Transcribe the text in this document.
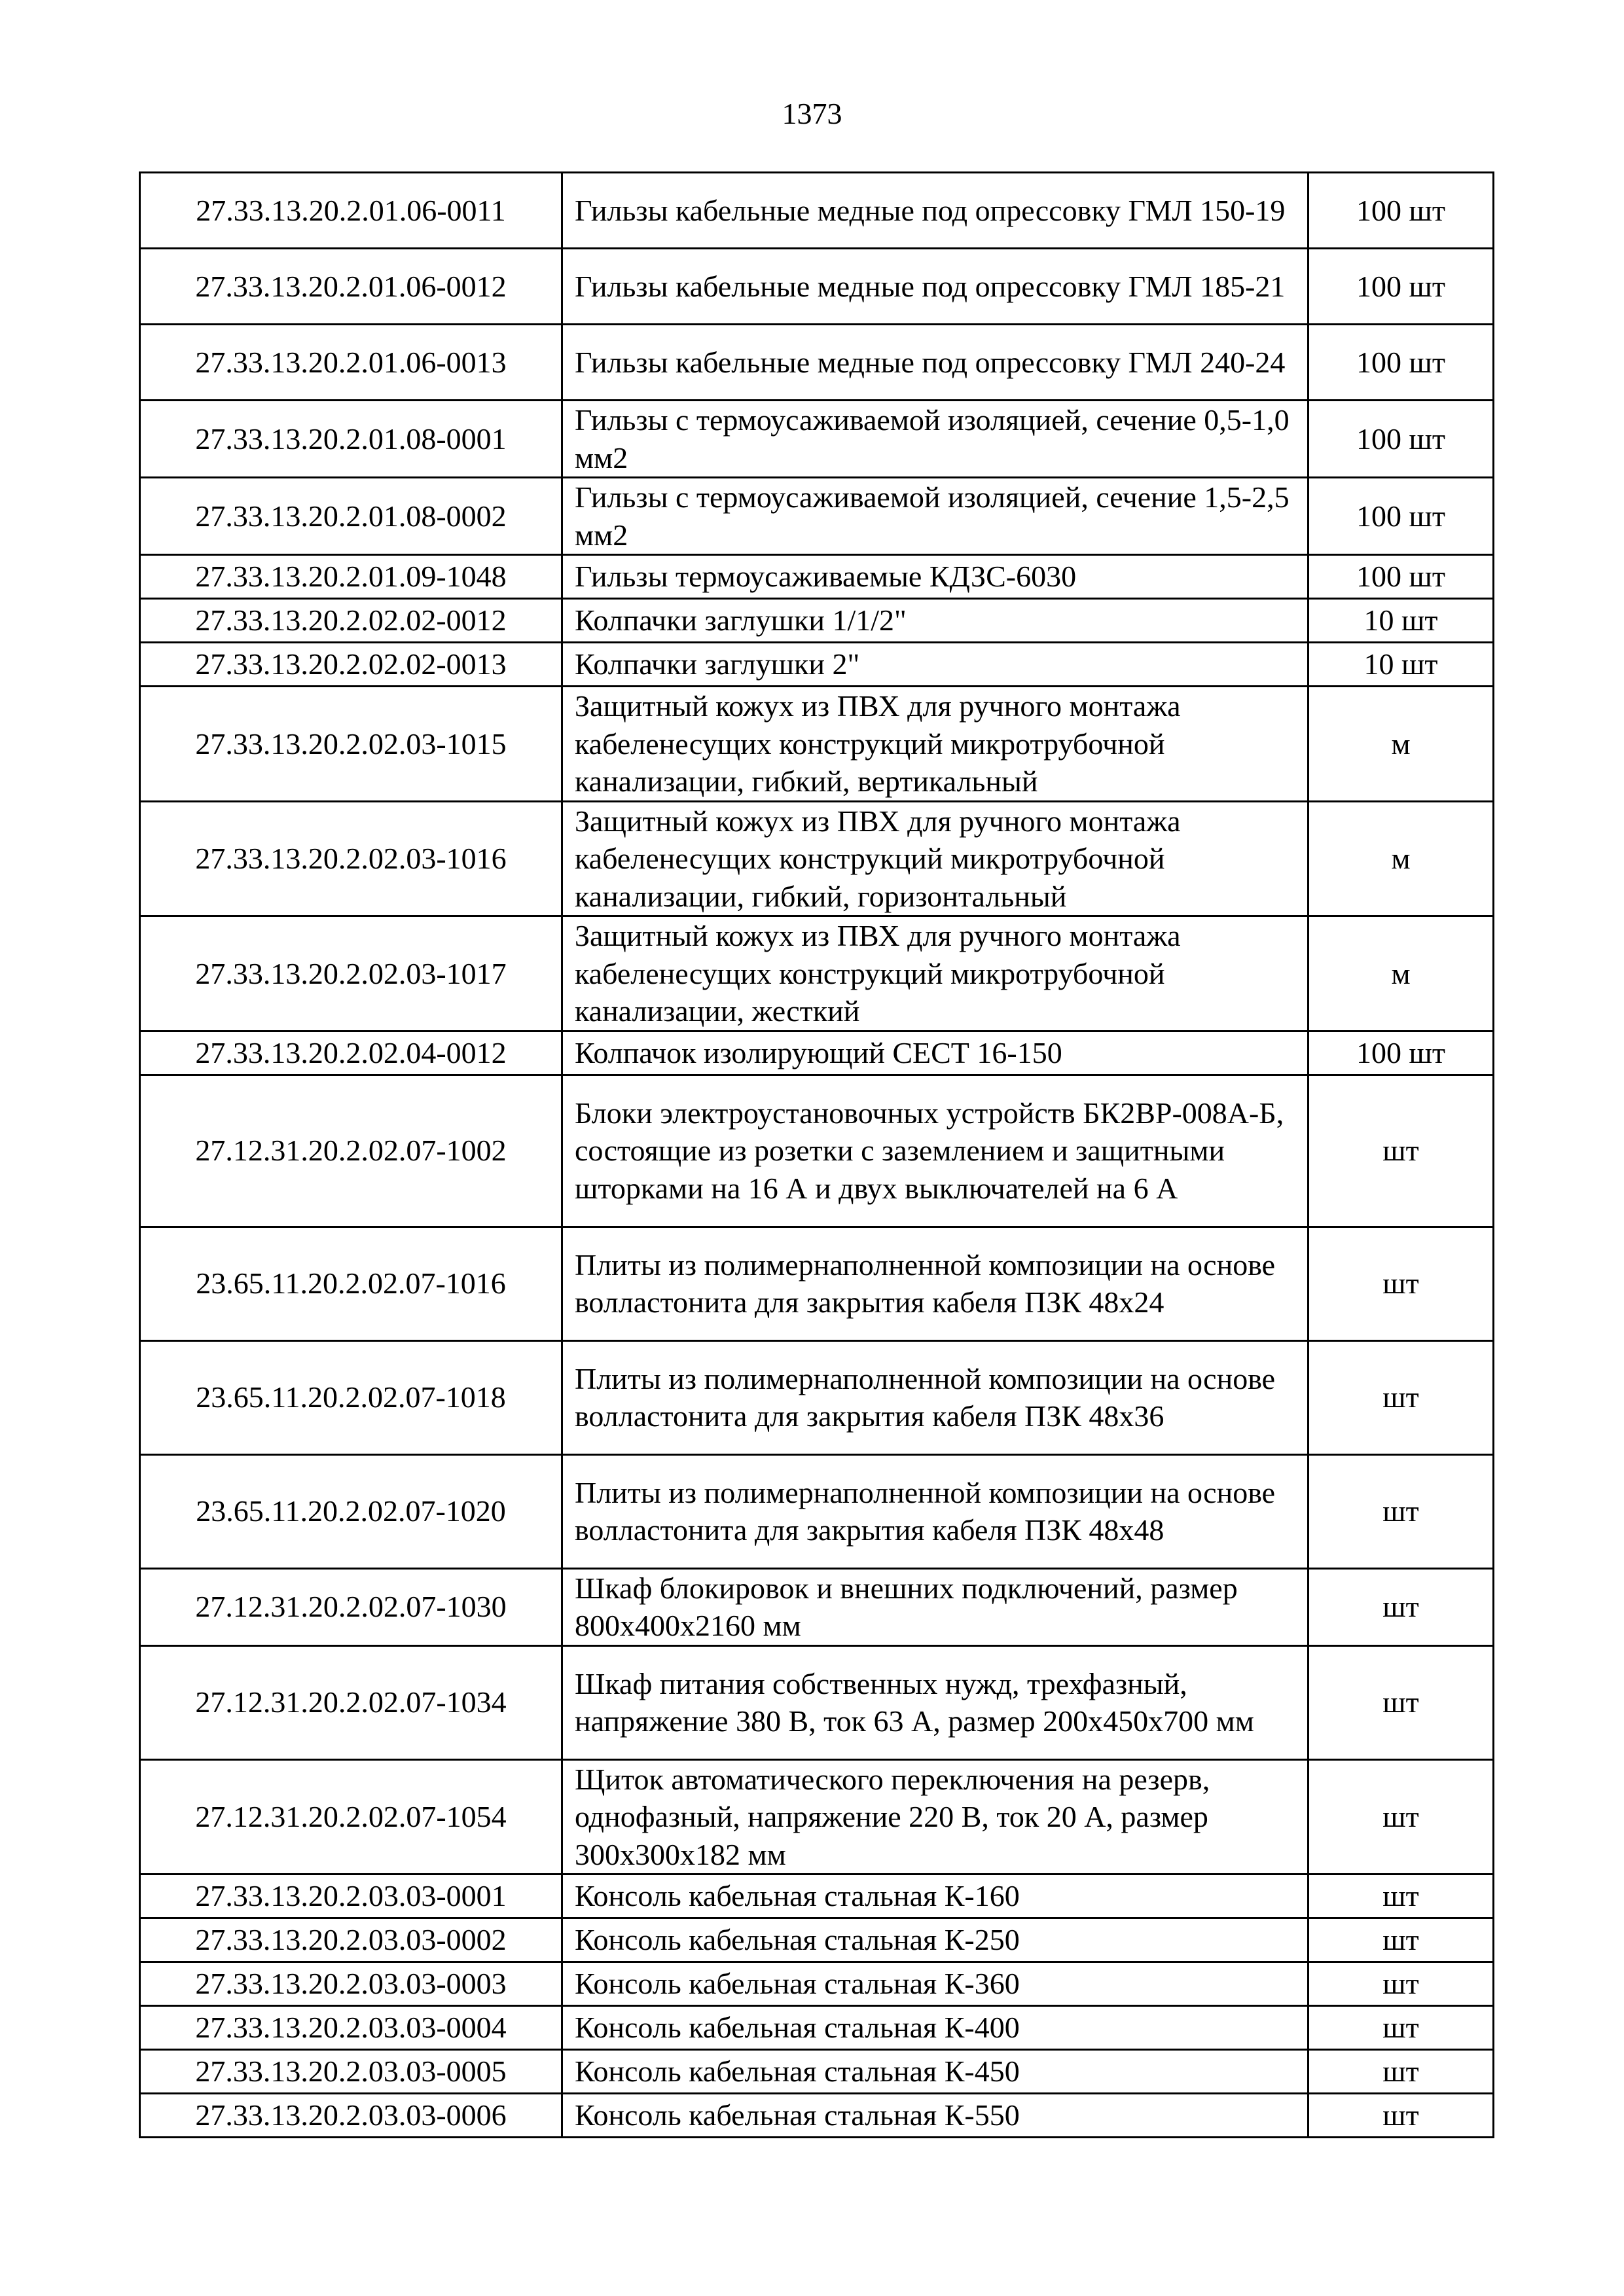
1373
27.33.13.20.2.01.06-0011	Гильзы кабельные медные под опрессовку ГМЛ 150-19	100 шт
27.33.13.20.2.01.06-0012	Гильзы кабельные медные под опрессовку ГМЛ 185-21	100 шт
27.33.13.20.2.01.06-0013	Гильзы кабельные медные под опрессовку ГМЛ 240-24	100 шт
27.33.13.20.2.01.08-0001	Гильзы с термоусаживаемой изоляцией, сечение 0,5-1,0 мм2	100 шт
27.33.13.20.2.01.08-0002	Гильзы с термоусаживаемой изоляцией, сечение 1,5-2,5 мм2	100 шт
27.33.13.20.2.01.09-1048	Гильзы термоусаживаемые КДЗС-6030	100 шт
27.33.13.20.2.02.02-0012	Колпачки заглушки 1/1/2"	10 шт
27.33.13.20.2.02.02-0013	Колпачки заглушки 2"	10 шт
27.33.13.20.2.02.03-1015	Защитный кожух из ПВХ для ручного монтажа кабеленесущих конструкций микротрубочной канализации, гибкий, вертикальный	м
27.33.13.20.2.02.03-1016	Защитный кожух из ПВХ для ручного монтажа кабеленесущих конструкций микротрубочной канализации, гибкий, горизонтальный	м
27.33.13.20.2.02.03-1017	Защитный кожух из ПВХ для ручного монтажа кабеленесущих конструкций микротрубочной канализации, жесткий	м
27.33.13.20.2.02.04-0012	Колпачок изолирующий СЕСТ 16-150	100 шт
27.12.31.20.2.02.07-1002	Блоки электроустановочных устройств БК2ВР-008А-Б, состоящие из розетки с заземлением и защитными шторками на 16 А и двух выключателей на 6 А	шт
23.65.11.20.2.02.07-1016	Плиты из полимернаполненной композиции на основе волластонита для закрытия кабеля ПЗК 48х24	шт
23.65.11.20.2.02.07-1018	Плиты из полимернаполненной композиции на основе волластонита для закрытия кабеля ПЗК 48х36	шт
23.65.11.20.2.02.07-1020	Плиты из полимернаполненной композиции на основе волластонита для закрытия кабеля ПЗК 48х48	шт
27.12.31.20.2.02.07-1030	Шкаф блокировок и внешних подключений, размер 800х400х2160 мм	шт
27.12.31.20.2.02.07-1034	Шкаф питания собственных нужд, трехфазный, напряжение 380 В, ток 63 А, размер 200х450х700 мм	шт
27.12.31.20.2.02.07-1054	Щиток автоматического переключения на резерв, однофазный, напряжение 220 В, ток 20 А, размер 300х300х182 мм	шт
27.33.13.20.2.03.03-0001	Консоль кабельная стальная К-160	шт
27.33.13.20.2.03.03-0002	Консоль кабельная стальная К-250	шт
27.33.13.20.2.03.03-0003	Консоль кабельная стальная К-360	шт
27.33.13.20.2.03.03-0004	Консоль кабельная стальная К-400	шт
27.33.13.20.2.03.03-0005	Консоль кабельная стальная К-450	шт
27.33.13.20.2.03.03-0006	Консоль кабельная стальная К-550	шт
